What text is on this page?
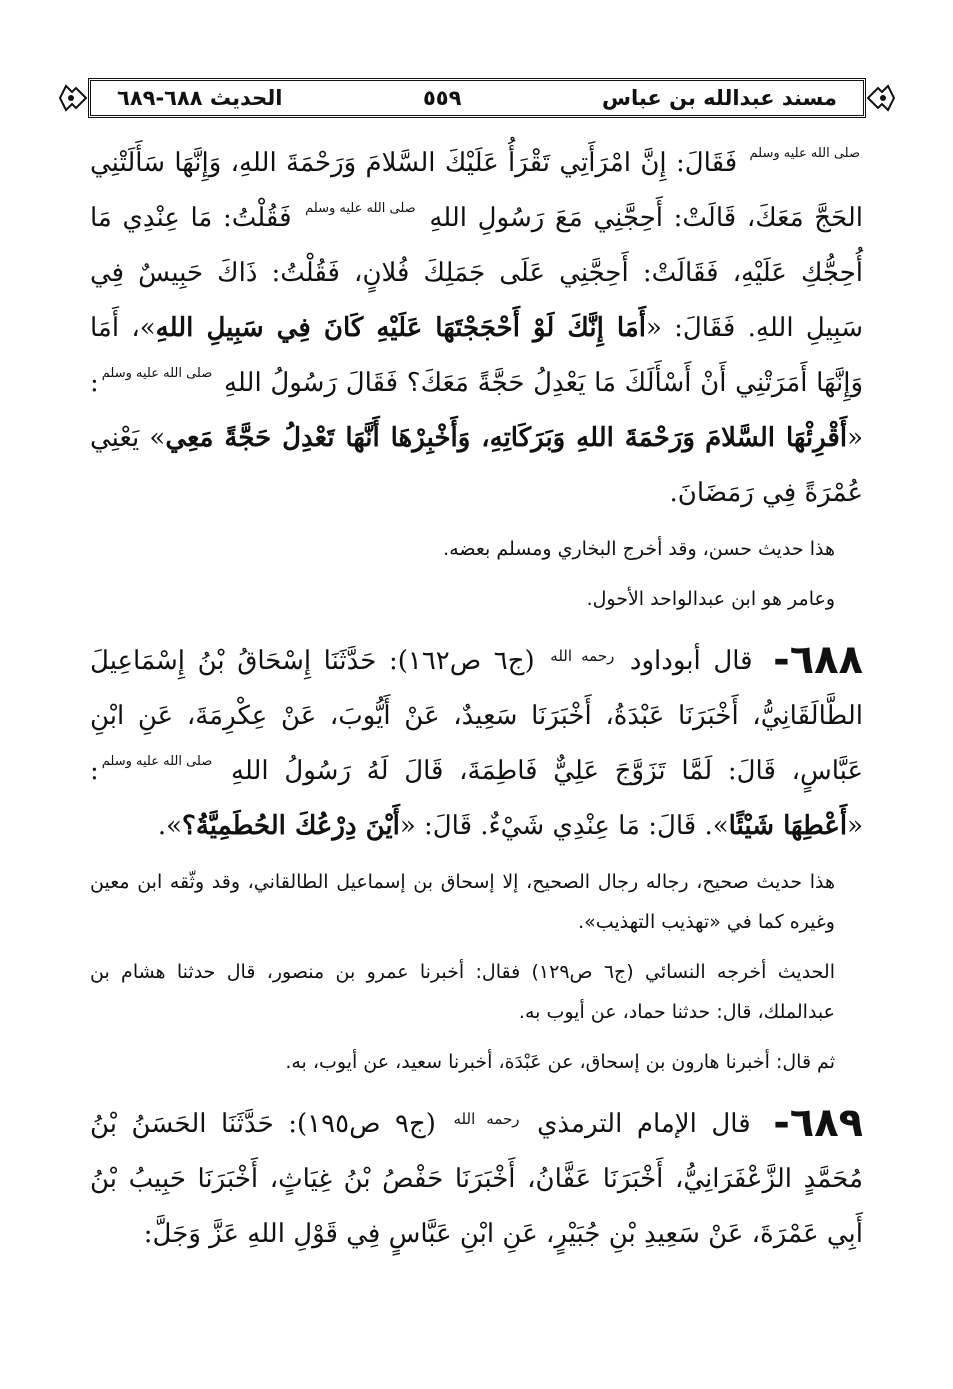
مسند عبدالله بن عباس
٥٥٩
الحديث ٦٨٨-٦٨٩

صلى الله عليه وسلم فَقَالَ: إِنَّ امْرَأَتِي تَقْرَأُ عَلَيْكَ السَّلامَ وَرَحْمَةَ اللهِ، وَإِنَّهَا سَأَلَتْنِي الحَجَّ مَعَكَ، قَالَتْ: أَحِجَّنِي مَعَ رَسُولِ اللهِ صلى الله عليه وسلم فَقُلْتُ: مَا عِنْدِي مَا أُحِجُّكِ عَلَيْهِ، فَقَالَتْ: أَحِجَّنِي عَلَى جَمَلِكَ فُلانٍ، فَقُلْتُ: ذَاكَ حَبِيسٌ فِي سَبِيلِ اللهِ. فَقَالَ: «أَمَا إِنَّكَ لَوْ أَحْجَجْتَهَا عَلَيْهِ كَانَ فِي سَبِيلِ اللهِ»، أَمَا وَإِنَّهَا أَمَرَتْنِي أَنْ أَسْأَلَكَ مَا يَعْدِلُ حَجَّةً مَعَكَ؟ فَقَالَ رَسُولُ اللهِ صلى الله عليه وسلم: «أَقْرِئْهَا السَّلامَ وَرَحْمَةَ اللهِ وَبَرَكَاتِهِ، وَأَخْبِرْهَا أَنَّهَا تَعْدِلُ حَجَّةً مَعِي» يَعْنِي عُمْرَةً فِي رَمَضَانَ.

هذا حديث حسن، وقد أخرج البخاري ومسلم بعضه.

وعامر هو ابن عبدالواحد الأحول.

٦٨٨- قال أبوداود $^{رحمه الله}$ (ج٦ ص١٦٢): حَدَّثَنَا إِسْحَاقُ بْنُ إِسْمَاعِيلَ الطَّالَقَانِيُّ، أَخْبَرَنَا عَبْدَةُ، أَخْبَرَنَا سَعِيدٌ، عَنْ أَيُّوبَ، عَنْ عِكْرِمَةَ، عَنِ ابْنِ عَبَّاسٍ، قَالَ: لَمَّا تَزَوَّجَ عَلِيٌّ فَاطِمَةَ، قَالَ لَهُ رَسُولُ اللهِ صلى الله عليه وسلم: «أَعْطِهَا شَيْئًا». قَالَ: مَا عِنْدِي شَيْءٌ. قَالَ: «أَيْنَ دِرْعُكَ الحُطَمِيَّةُ؟».

هذا حديث صحيح، رجاله رجال الصحيح، إلا إسحاق بن إسماعيل الطالقاني، وقد وثّقه ابن معين وغيره كما في «تهذيب التهذيب».

الحديث أخرجه النسائي (ج٦ ص١٢٩) فقال: أخبرنا عمرو بن منصور، قال حدثنا هشام بن عبدالملك، قال: حدثنا حماد، عن أيوب به.

ثم قال: أخبرنا هارون بن إسحاق، عن عَبْدَة، أخبرنا سعيد، عن أيوب، به.

٦٨٩- قال الإمام الترمذي $^{رحمه الله}$ (ج٩ ص١٩٥): حَدَّثَنَا الحَسَنُ بْنُ مُحَمَّدٍ الزَّعْفَرَانِيُّ، أَخْبَرَنَا عَفَّانُ، أَخْبَرَنَا حَفْصُ بْنُ غِيَاثٍ، أَخْبَرَنَا حَبِيبُ بْنُ أَبِي عَمْرَةَ، عَنْ سَعِيدِ بْنِ جُبَيْرٍ، عَنِ ابْنِ عَبَّاسٍ فِي قَوْلِ اللهِ عَزَّ وَجَلَّ:
